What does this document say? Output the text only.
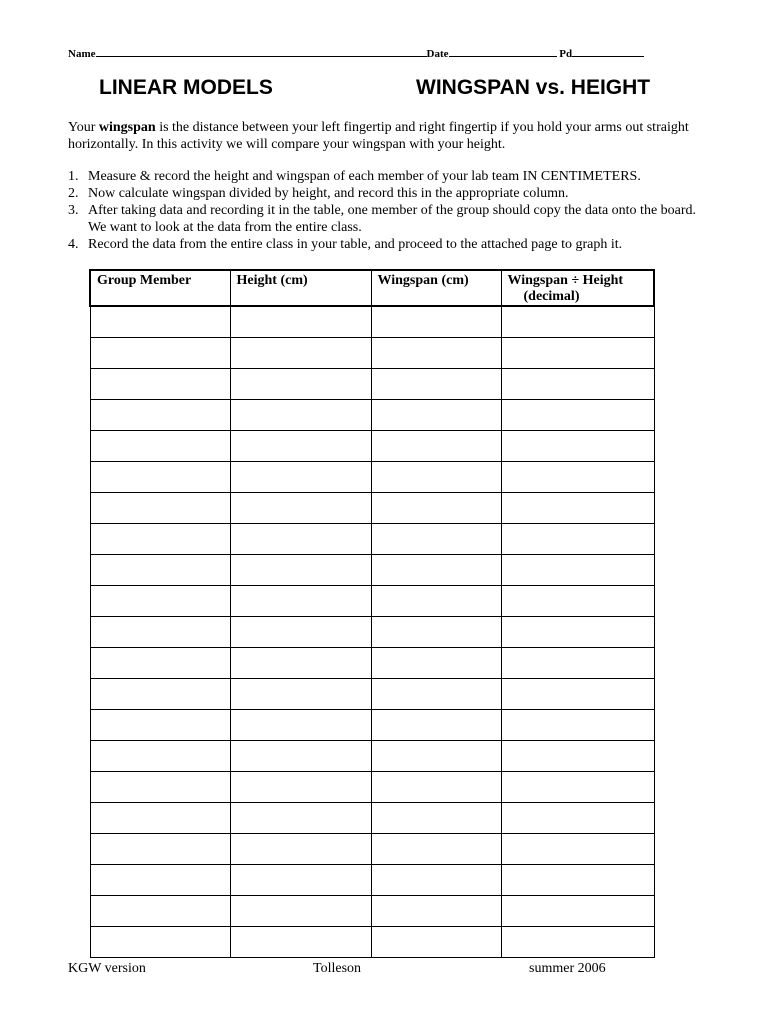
Name	Date	Pd
LINEAR MODELS	WINGSPAN vs. HEIGHT
Your wingspan is the distance between your left fingertip and right fingertip if you hold your arms out straight horizontally. In this activity we will compare your wingspan with your height.
1. Measure & record the height and wingspan of each member of your lab team IN CENTIMETERS.
2. Now calculate wingspan divided by height, and record this in the appropriate column.
3. After taking data and recording it in the table, one member of the group should copy the data onto the board. We want to look at the data from the entire class.
4. Record the data from the entire class in your table, and proceed to the attached page to graph it.
Group Member	Height (cm)	Wingspan (cm)	Wingspan ÷ Height
(decimal)

KGW version	Tolleson	summer 2006
